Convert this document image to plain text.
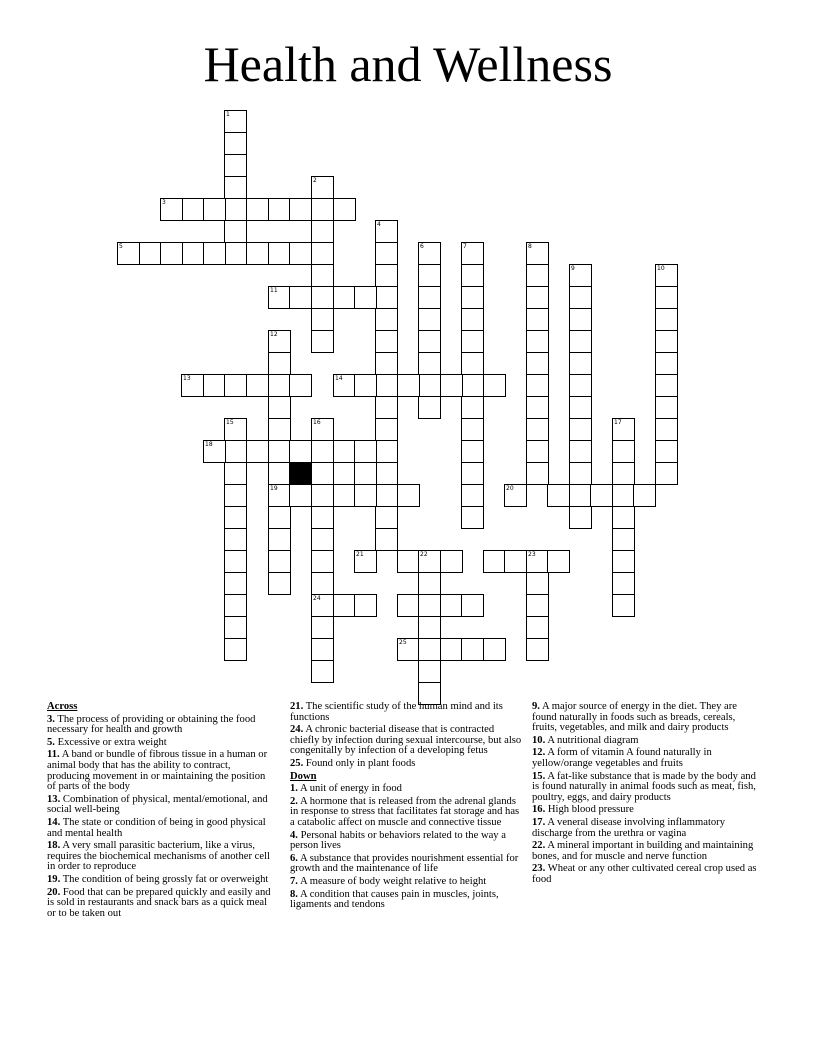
Health and Wellness
1
2
3
5
4
6	7	8
9	10
11
12
19
13	14
15	16
24
17
18
20
21	22	23
25
Across
3. The process of providing or obtaining the food necessary for health and growth
5. Excessive or extra weight
11. A band or bundle of fibrous tissue in a human or animal body that has the ability to contract, producing movement in or maintaining the position of parts of the body
13. Combination of physical, mental/emotional, and social well-being
14. The state or condition of being in good physical and mental health
18. A very small parasitic bacterium, like a virus, requires the biochemical mechanisms of another cell in order to reproduce
19. The condition of being grossly fat or overweight
20. Food that can be prepared quickly and easily and is sold in restaurants and snack bars as a quick meal or to be taken out
21. The scientific study of the human mind and its functions
24. A chronic bacterial disease that is contracted chiefly by infection during sexual intercourse, but also congenitally by infection of a developing fetus
25. Found only in plant foods
Down
1. A unit of energy in food
2. A hormone that is released from the adrenal glands in response to stress that facilitates fat storage and has a catabolic affect on muscle and connective tissue
4. Personal habits or behaviors related to the way a person lives
6. A substance that provides nourishment essential for growth and the maintenance of life
7. A measure of body weight relative to height
8. A condition that causes pain in muscles, joints, ligaments and tendons
9. A major source of energy in the diet. They are found naturally in foods such as breads, cereals, fruits, vegetables, and milk and dairy products
10. A nutritional diagram
12. A form of vitamin A found naturally in yellow/orange vegetables and fruits
15. A fat-like substance that is made by the body and is found naturally in animal foods such as meat, fish, poultry, eggs, and dairy products
16. High blood pressure
17. A veneral disease involving inflammatory discharge from the urethra or vagina
22. A mineral important in building and maintaining bones, and for muscle and nerve function
23. Wheat or any other cultivated cereal crop used as food
